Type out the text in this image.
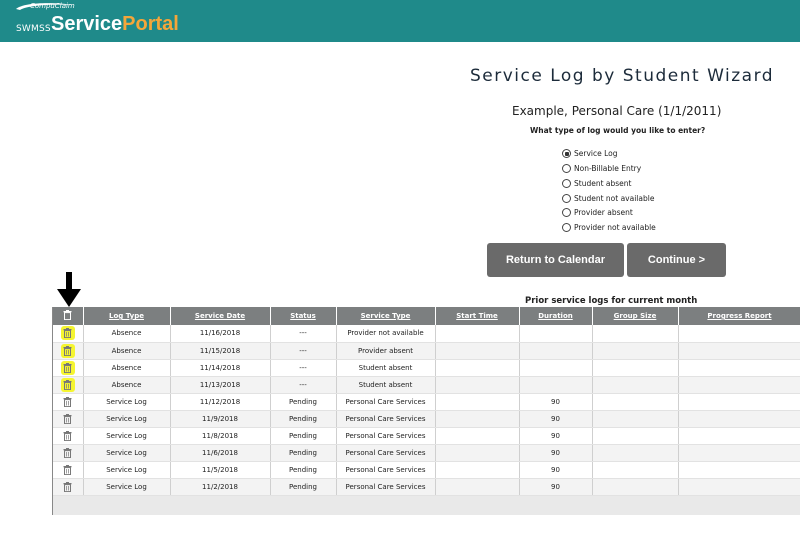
CompuClaim
SWMSS ServicePortal
Service Log by Student Wizard
Example, Personal Care (1/1/2011)
What type of log would you like to enter?
Service Log
Non-Billable Entry
Student absent
Student not available
Provider absent
Provider not available
Return to Calendar	Continue >
Prior service logs for current month
	Log Type	Service Date	Status	Service Type	Start Time	Duration	Group Size	Progress Report
	Absence	11/16/2018	---	Provider not available				
	Absence	11/15/2018	---	Provider absent				
	Absence	11/14/2018	---	Student absent				
	Absence	11/13/2018	---	Student absent				
	Service Log	11/12/2018	Pending	Personal Care Services		90		
	Service Log	11/9/2018	Pending	Personal Care Services		90		
	Service Log	11/8/2018	Pending	Personal Care Services		90		
	Service Log	11/6/2018	Pending	Personal Care Services		90		
	Service Log	11/5/2018	Pending	Personal Care Services		90		
	Service Log	11/2/2018	Pending	Personal Care Services		90		
